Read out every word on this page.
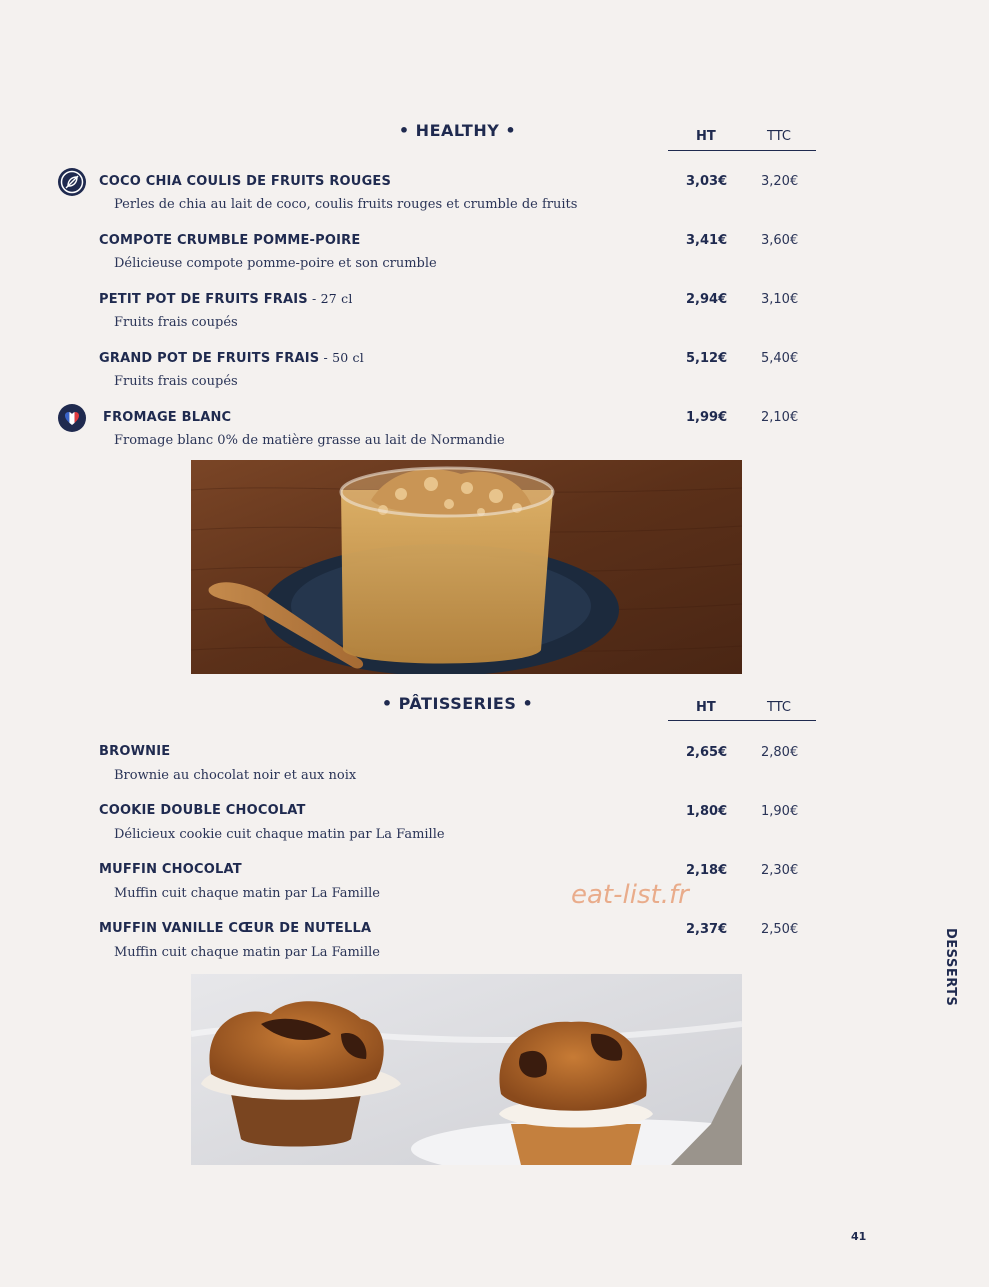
• HEALTHY •	HT	TTC
COCO CHIA COULIS DE FRUITS ROUGES
Perles de chia au lait de coco, coulis fruits rouges et crumble de fruits
3,03€	3,20€
COMPOTE CRUMBLE POMME-POIRE
Délicieuse compote pomme-poire et son crumble
3,41€	3,60€
PETIT POT DE FRUITS FRAIS - 27 cl
Fruits frais coupés
2,94€	3,10€
GRAND POT DE FRUITS FRAIS - 50 cl
Fruits frais coupés
5,12€	5,40€
FROMAGE BLANC
Fromage blanc 0% de matière grasse au lait de Normandie
1,99€	2,10€
• PÂTISSERIES •	HT	TTC
BROWNIE
Brownie au chocolat noir et aux noix
2,65€	2,80€
COOKIE DOUBLE CHOCOLAT
Délicieux cookie cuit chaque matin par La Famille
1,80€	1,90€
MUFFIN CHOCOLAT
Muffin cuit chaque matin par La Famille
2,18€	2,30€
MUFFIN VANILLE CŒUR DE NUTELLA
Muffin cuit chaque matin par La Famille
2,37€	2,50€
eat-list.fr
DESSERTS
41
